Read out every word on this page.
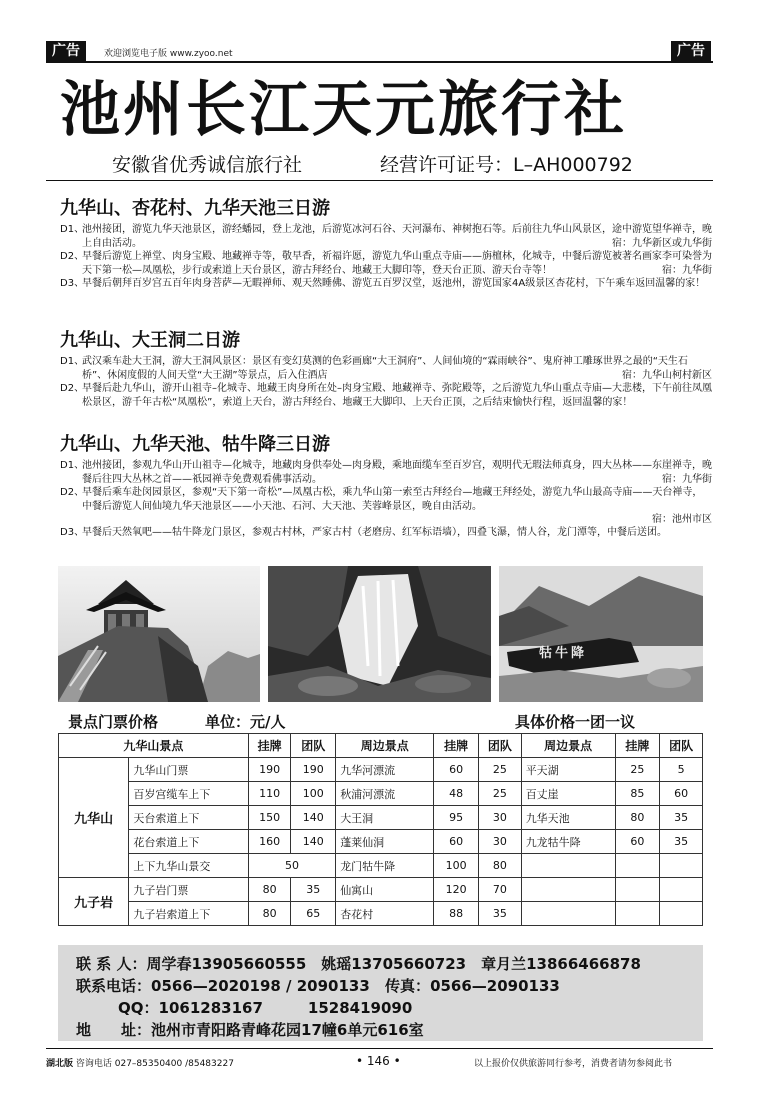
广告	欢迎浏览电子版 www.zyoo.net	广告
池州长江天元旅行社
安徽省优秀诚信旅行社	经营许可证号：L–AH000792
九华山、杏花村、九华天池三日游
D1、
池州接团，游览九华天池景区，游经蟠园，登上龙池，后游览冰河石谷、天河瀑布、神树抱石等。后前往九华山风景区，途中游览望华禅寺，晚上自由活动。	宿：九华新区或九华街
D2、
早餐后游览上禅堂、肉身宝殿、地藏禅寺等，敬早香，祈福许愿，游览九华山重点寺庙——旃檀林，化城寺，中餐后游览被著名画家李可染誉为天下第一松—凤凰松，步行或索道上天台景区，游古拜经台、地藏王大脚印等，登天台正顶、游天台寺等！	宿：九华街
D3、
早餐后朝拜百岁宫五百年肉身菩萨—无暇禅师、观天然睡佛、游览五百罗汉堂，返池州，游览国家4A级景区杏花村，下午乘车返回温馨的家！
九华山、大王洞二日游
D1、
武汉乘车赴大王洞，游大王洞风景区：景区有变幻莫测的色彩画廊“大王洞府”、人间仙境的“霖雨峡谷”、鬼府神工雕琢世界之最的“天生石桥”、休闲度假的人间天堂“大王湖”等景点，后入住酒店	宿：九华山柯村新区
D2、
早餐后赴九华山，游开山祖寺–化城寺、地藏王肉身所在处–肉身宝殿、地藏禅寺、弥陀殿等，之后游览九华山重点寺庙—大悲楼，下午前往凤凰松景区，游千年古松“凤凰松”，索道上天台，游古拜经台、地藏王大脚印、上天台正顶，之后结束愉快行程，返回温馨的家！
九华山、九华天池、牯牛降三日游
D1、
池州接团，参观九华山开山祖寺—化城寺，地藏肉身供奉处—肉身殿，乘地面缆车至百岁宫，观明代无瑕法师真身，四大丛林——东崖禅寺，晚餐后往四大丛林之首——祇园禅寺免费观看佛事活动。	宿：九华街
D2、
早餐后乘车赴闵园景区，参观“天下第一奇松”—凤凰古松，乘九华山第一索至古拜经台—地藏王拜经处，游览九华山最高寺庙——天台禅寺，中餐后游览人间仙境九华天池景区——小天池、石河、大天池、芙蓉峰景区，晚自由活动。
宿：池州市区
D3、
早餐后天然氧吧——牯牛降龙门景区，参观古村林，严家古村（老磨房、红军标语墙），四叠飞瀑，情人谷，龙门潭等，中餐后送团。
牯牛降
景点门票价格	单位：元/人	具体价格一团一议
九华山景点		挂牌	团队	周边景点	挂牌	团队	周边景点	挂牌	团队
九华山	九华山门票	190	190	九华河漂流	60	25	平天湖	25	5
	百岁宫缆车上下	110	100	秋浦河漂流	48	25	百丈崖	85	60
	天台索道上下	150	140	大王洞	95	30	九华天池	80	35
	花台索道上下	160	140	蓬莱仙洞	60	30	九龙牯牛降	60	35
	上下九华山景交	50		龙门牯牛降	100	80			
九子岩	九子岩门票	80	35	仙寓山	120	70			
	九子岩索道上下	80	65	杏花村	88	35			
联 系 人：周学春13905660555　姚瑶13705660723　章月兰13866466878
联系电话：0566—2020198 / 2090133 传真：0566—2090133
QQ：1061283167　　　1528419090
地　　址：池州市青阳路青峰花园17幢6单元616室
湖北版 咨询电话 027–85350400 /85483227	• 146 •	以上报价仅供旅游同行参考，消费者请勿参阅此书
